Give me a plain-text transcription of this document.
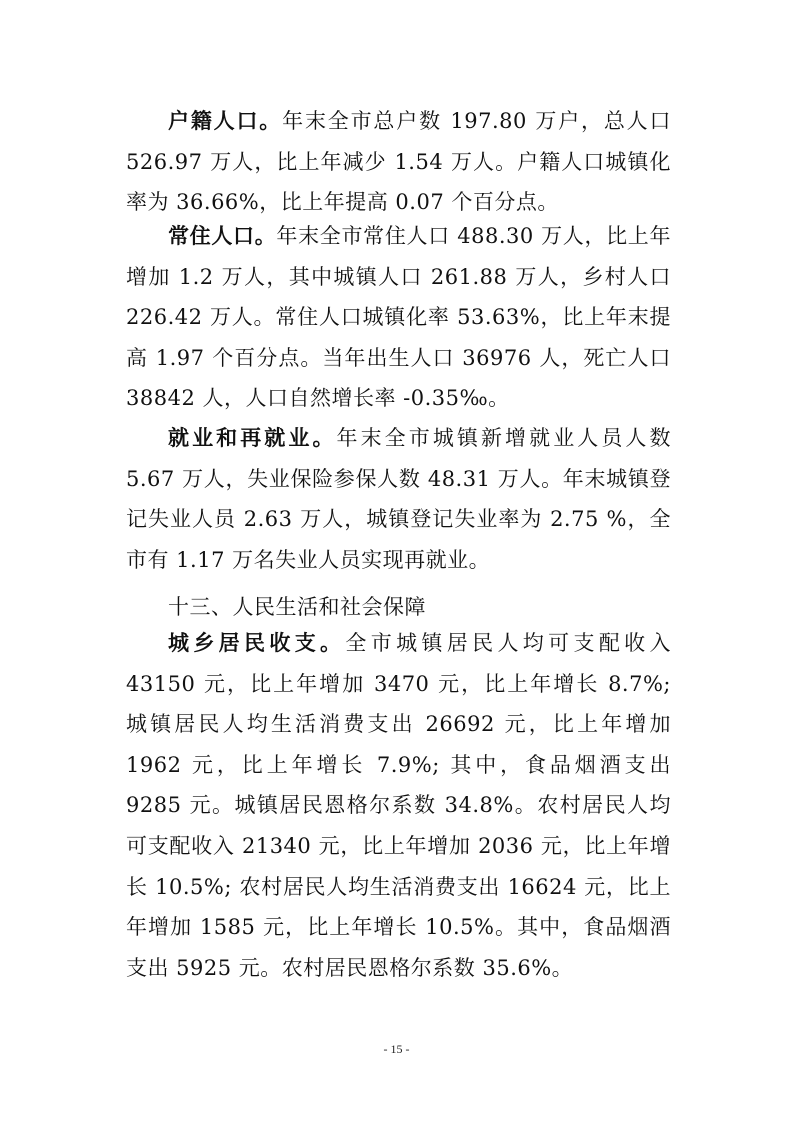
户籍人口。年末全市总户数 197.80 万户，总人口 526.97 万人，比上年减少 1.54 万人。户籍人口城镇化率为 36.66%，比上年提高 0.07 个百分点。

常住人口。年末全市常住人口 488.30 万人，比上年增加 1.2 万人，其中城镇人口 261.88 万人，乡村人口 226.42 万人。常住人口城镇化率 53.63%，比上年末提高 1.97 个百分点。当年出生人口 36976 人，死亡人口 38842 人，人口自然增长率 -0.35‰。

就业和再就业。年末全市城镇新增就业人员人数 5.67 万人，失业保险参保人数 48.31 万人。年末城镇登记失业人员 2.63 万人，城镇登记失业率为 2.75 %，全市有 1.17 万名失业人员实现再就业。

十三、人民生活和社会保障

城乡居民收支。全市城镇居民人均可支配收入 43150 元，比上年增加 3470 元，比上年增长 8.7%; 城镇居民人均生活消费支出 26692 元，比上年增加 1962 元，比上年增长 7.9%; 其中，食品烟酒支出 9285 元。城镇居民恩格尔系数 34.8%。农村居民人均可支配收入 21340 元，比上年增加 2036 元，比上年增长 10.5%; 农村居民人均生活消费支出 16624 元，比上年增加 1585 元，比上年增长 10.5%。其中，食品烟酒支出 5925 元。农村居民恩格尔系数 35.6%。

- 15 -
